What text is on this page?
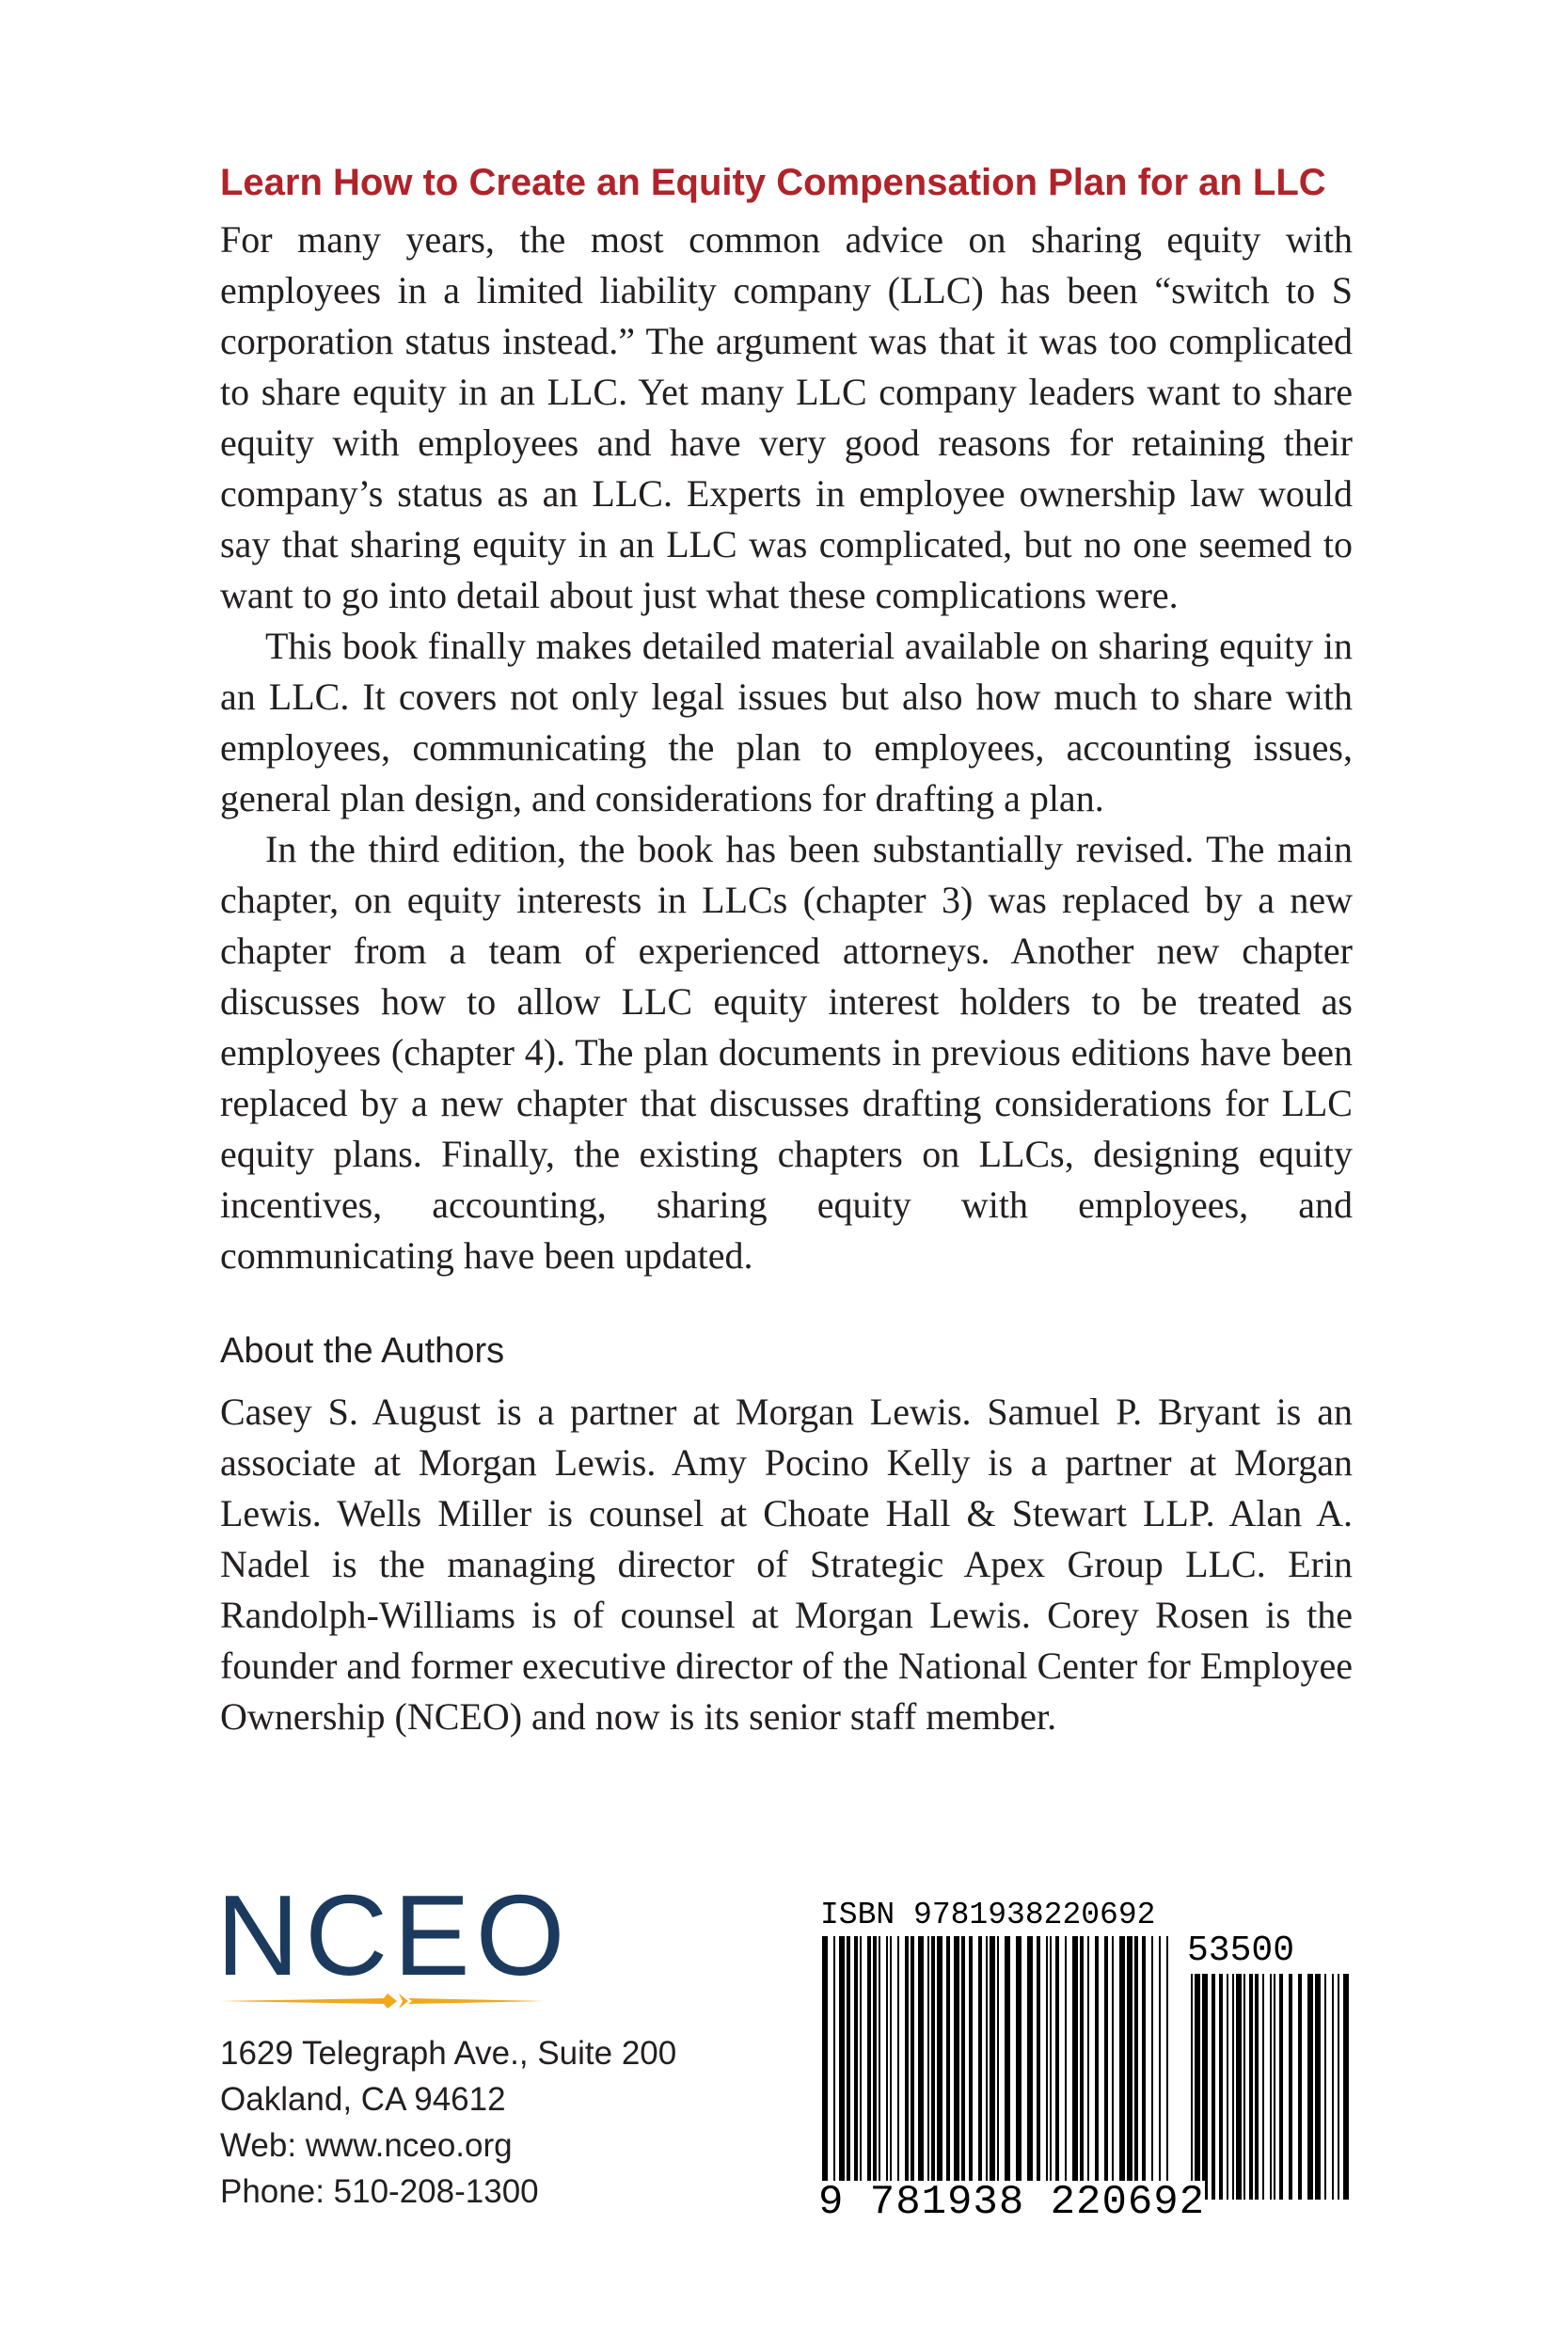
Learn How to Create an Equity Compensation Plan for an LLC

For many years, the most common advice on sharing equity with employees in a limited liability company (LLC) has been “switch to S corporation status instead.” The argument was that it was too complicated to share equity in an LLC. Yet many LLC company leaders want to share equity with employees and have very good reasons for retaining their company’s status as an LLC. Experts in employee ownership law would say that sharing equity in an LLC was complicated, but no one seemed to want to go into detail about just what these complications were.

This book finally makes detailed material available on sharing equity in an LLC. It covers not only legal issues but also how much to share with employees, communicating the plan to employees, accounting issues, general plan design, and considerations for drafting a plan.

In the third edition, the book has been substantially revised. The main chapter, on equity interests in LLCs (chapter 3) was replaced by a new chapter from a team of experienced attorneys. Another new chapter discusses how to allow LLC equity interest holders to be treated as employees (chapter 4). The plan documents in previous editions have been replaced by a new chapter that discusses drafting considerations for LLC equity plans. Finally, the existing chapters on LLCs, designing equity incentives, accounting, sharing equity with employees, and communicating have been updated.

About the Authors

Casey S. August is a partner at Morgan Lewis. Samuel P. Bryant is an associate at Morgan Lewis. Amy Pocino Kelly is a partner at Morgan Lewis. Wells Miller is counsel at Choate Hall & Stewart LLP. Alan A. Nadel is the managing director of Strategic Apex Group LLC. Erin Randolph-Williams is of counsel at Morgan Lewis. Corey Rosen is the founder and former executive director of the National Center for Employee Ownership (NCEO) and now is its senior staff member.

NCEO
1629 Telegraph Ave., Suite 200
Oakland, CA 94612
Web: www.nceo.org
Phone: 510-208-1300
ISBN 9781938220692
53500
9 781938 220692
